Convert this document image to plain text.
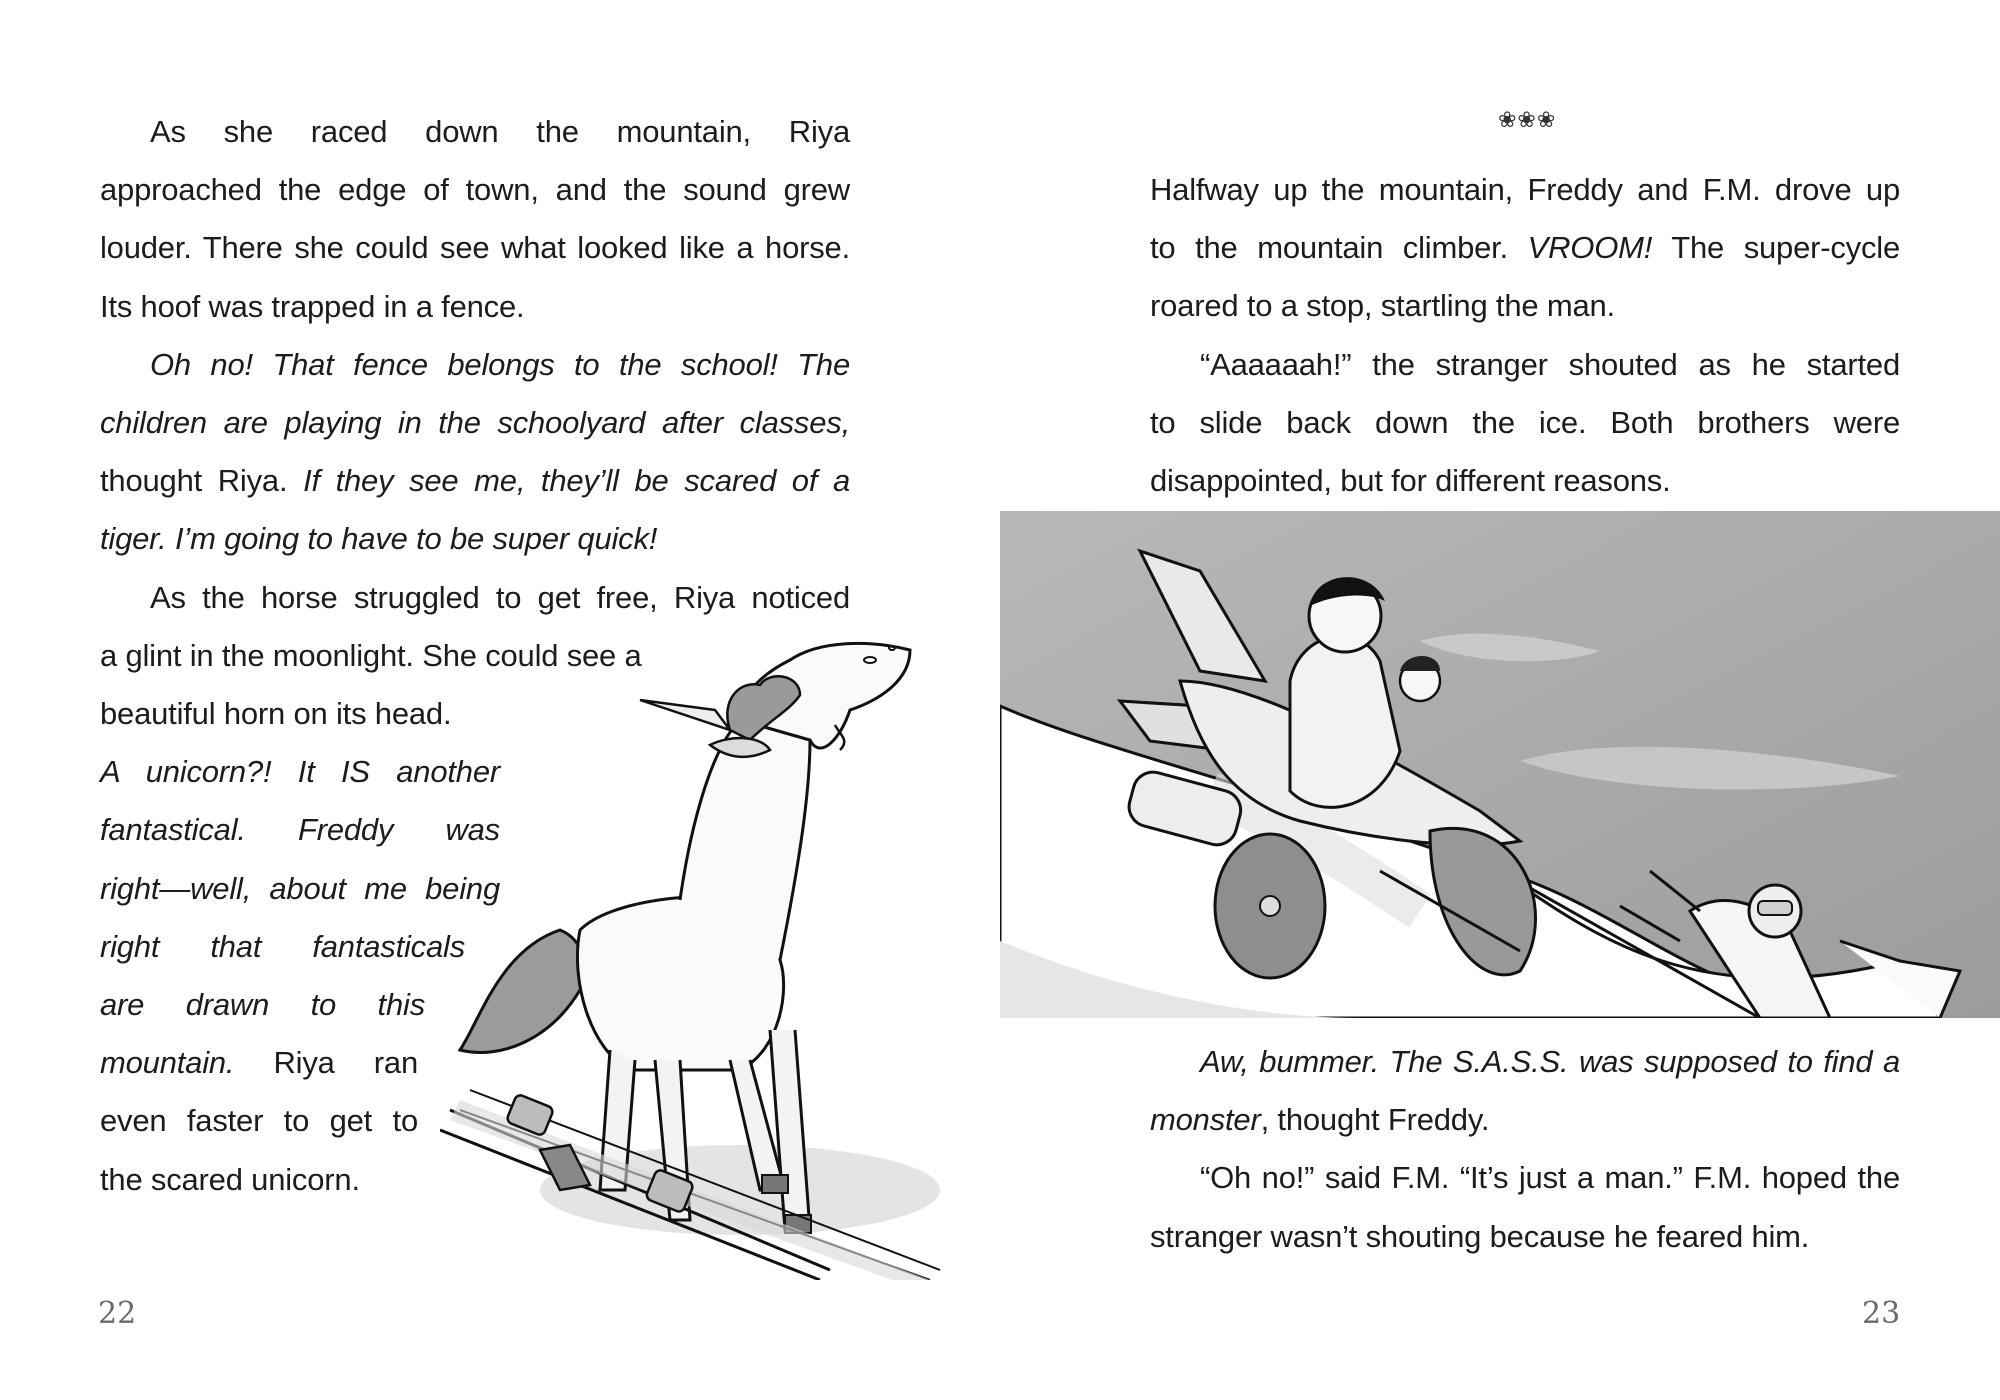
As she raced down the mountain, Riya
approached the edge of town, and the sound grew
louder. There she could see what looked like a horse.
Its hoof was trapped in a fence.
Oh no! That fence belongs to the school! The
children are playing in the schoolyard after classes,
thought Riya. If they see me, they’ll be scared of a
tiger. I’m going to have to be super quick!
As the horse struggled to get free, Riya noticed
a glint in the moonlight. She could see a
beautiful horn on its head.
A unicorn?! It IS another
fantastical. Freddy was
right—well, about me being
right that fantasticals
are drawn to this
mountain. Riya ran
even faster to get to
the scared unicorn.
22
❀❀❀
Halfway up the mountain, Freddy and F.M. drove up
to the mountain climber. VROOM! The super-cycle
roared to a stop, startling the man.
“Aaaaaah!” the stranger shouted as he started
to slide back down the ice. Both brothers were
disappointed, but for different reasons.
Aw, bummer. The S.A.S.S. was supposed to find a
monster, thought Freddy.
“Oh no!” said F.M. “It’s just a man.” F.M. hoped the
stranger wasn’t shouting because he feared him.
23
